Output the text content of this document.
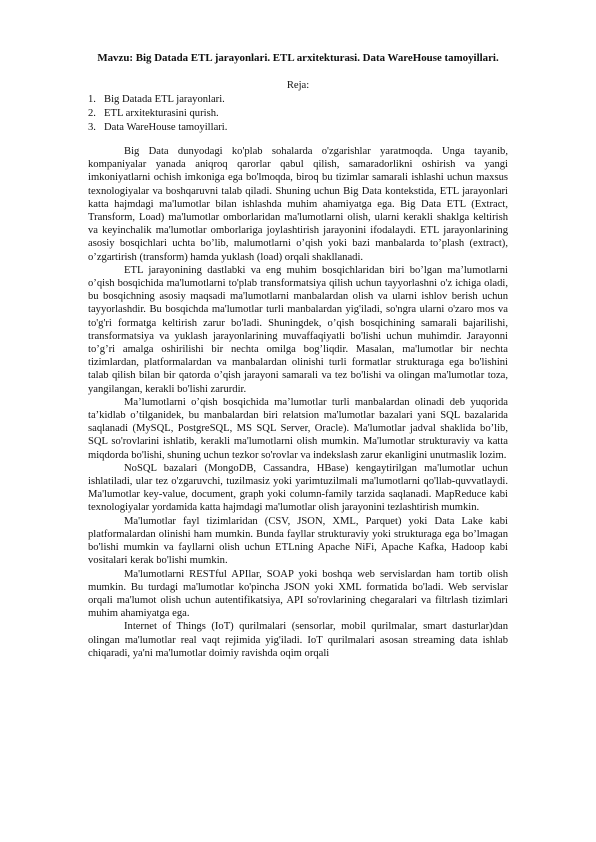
Mavzu: Big Datada ETL jarayonlari. ETL arxitekturasi. Data WareHouse tamoyillari.
Reja:
1. Big Datada ETL jarayonlari.
2. ETL arxitekturasini qurish.
3. Data WareHouse tamoyillari.

Big Data dunyodagi ko'plab sohalarda o'zgarishlar yaratmoqda. Unga tayanib, kompaniyalar yanada aniqroq qarorlar qabul qilish, samaradorlikni oshirish va yangi imkoniyatlarni ochish imkoniga ega bo'lmoqda, biroq bu tizimlar samarali ishlashi uchun maxsus texnologiyalar va boshqaruvni talab qiladi. Shuning uchun Big Data kontekstida, ETL jarayonlari katta hajmdagi ma'lumotlar bilan ishlashda muhim ahamiyatga ega. Big Data ETL (Extract, Transform, Load) ma'lumotlar omborlaridan ma'lumotlarni olish, ularni kerakli shaklga keltirish va keyinchalik ma'lumotlar omborlariga joylashtirish jarayonini ifodalaydi. ETL jarayonlarining asosiy bosqichlari uchta bo’lib, malumotlarni o’qish yoki bazi manbalarda to’plash (extract), o’zgartirish (transform) hamda yuklash (load) orqali shakllanadi.

ETL jarayonining dastlabki va eng muhim bosqichlaridan biri bo’lgan ma’lumotlarni o’qish bosqichida ma'lumotlarni to'plab transformatsiya qilish uchun tayyorlashni o'z ichiga oladi, bu bosqichning asosiy maqsadi ma'lumotlarni manbalardan olish va ularni ishlov berish uchun tayyorlashdir. Bu bosqichda ma'lumotlar turli manbalardan yig'iladi, so'ngra ularni o'zaro mos va to'g'ri formatga keltirish zarur bo'ladi. Shuningdek, o’qish bosqichining samarali bajarilishi, transformatsiya va yuklash jarayonlarining muvaffaqiyatli bo'lishi uchun muhimdir. Jarayonni to’g’ri amalga oshirilishi bir nechta omilga bog’liqdir. Masalan, ma'lumotlar bir nechta tizimlardan, platformalardan va manbalardan olinishi turli formatlar strukturaga ega bo'lishini talab qilish bilan bir qatorda o’qish jarayoni samarali va tez bo'lishi va olingan ma'lumotlar toza, yangilangan, kerakli bo'lishi zarurdir.

Ma’lumotlarni o’qish bosqichida ma’lumotlar turli manbalardan olinadi deb yuqorida ta’kidlab o’tilganidek, bu manbalardan biri relatsion ma'lumotlar bazalari yani SQL bazalarida saqlanadi (MySQL, PostgreSQL, MS SQL Server, Oracle). Ma'lumotlar jadval shaklida bo’lib, SQL so'rovlarini ishlatib, kerakli ma'lumotlarni olish mumkin. Ma'lumotlar strukturaviy va katta miqdorda bo'lishi, shuning uchun tezkor so'rovlar va indekslаsh zarur ekanligini unutmaslik lozim.

NoSQL bazalari (MongoDB, Cassandra, HBase) kengaytirilgan ma'lumotlar uchun ishlatiladi, ular tez o'zgaruvchi, tuzilmasiz yoki yarimtuzilmali ma'lumotlarni qo'llab-quvvatlaydi. Ma'lumotlar key-value, document, graph yoki column-family tarzida saqlanadi. MapReduce kabi texnologiyalar yordamida katta hajmdagi ma'lumotlar olish jarayonini tezlashtirish mumkin.

Ma'lumotlar fayl tizimlaridan (CSV, JSON, XML, Parquet) yoki Data Lake kabi platformalardan olinishi ham mumkin. Bunda fayllar strukturaviy yoki strukturaga ega bo’lmagan bo'lishi mumkin va fayllarni olish uchun ETLning Apache NiFi, Apache Kafka, Hadoop kabi vositalari kerak bo'lishi mumkin.

Ma'lumotlarni RESTful APIlar, SOAP yoki boshqa web servislardan ham tortib olish mumkin. Bu turdagi ma'lumotlar ko'pincha JSON yoki XML formatida bo'ladi. Web servislar orqali ma'lumot olish uchun autentifikatsiya, API so'rovlarining chegaralari va filtrlash tizimlari muhim ahamiyatga ega.

Internet of Things (IoT) qurilmalari (sensorlar, mobil qurilmalar, smart dasturlar)dan olingan ma'lumotlar real vaqt rejimida yig'iladi. IoT qurilmalari asosan streaming data ishlab chiqaradi, ya'ni ma'lumotlar doimiy ravishda oqim orqali
